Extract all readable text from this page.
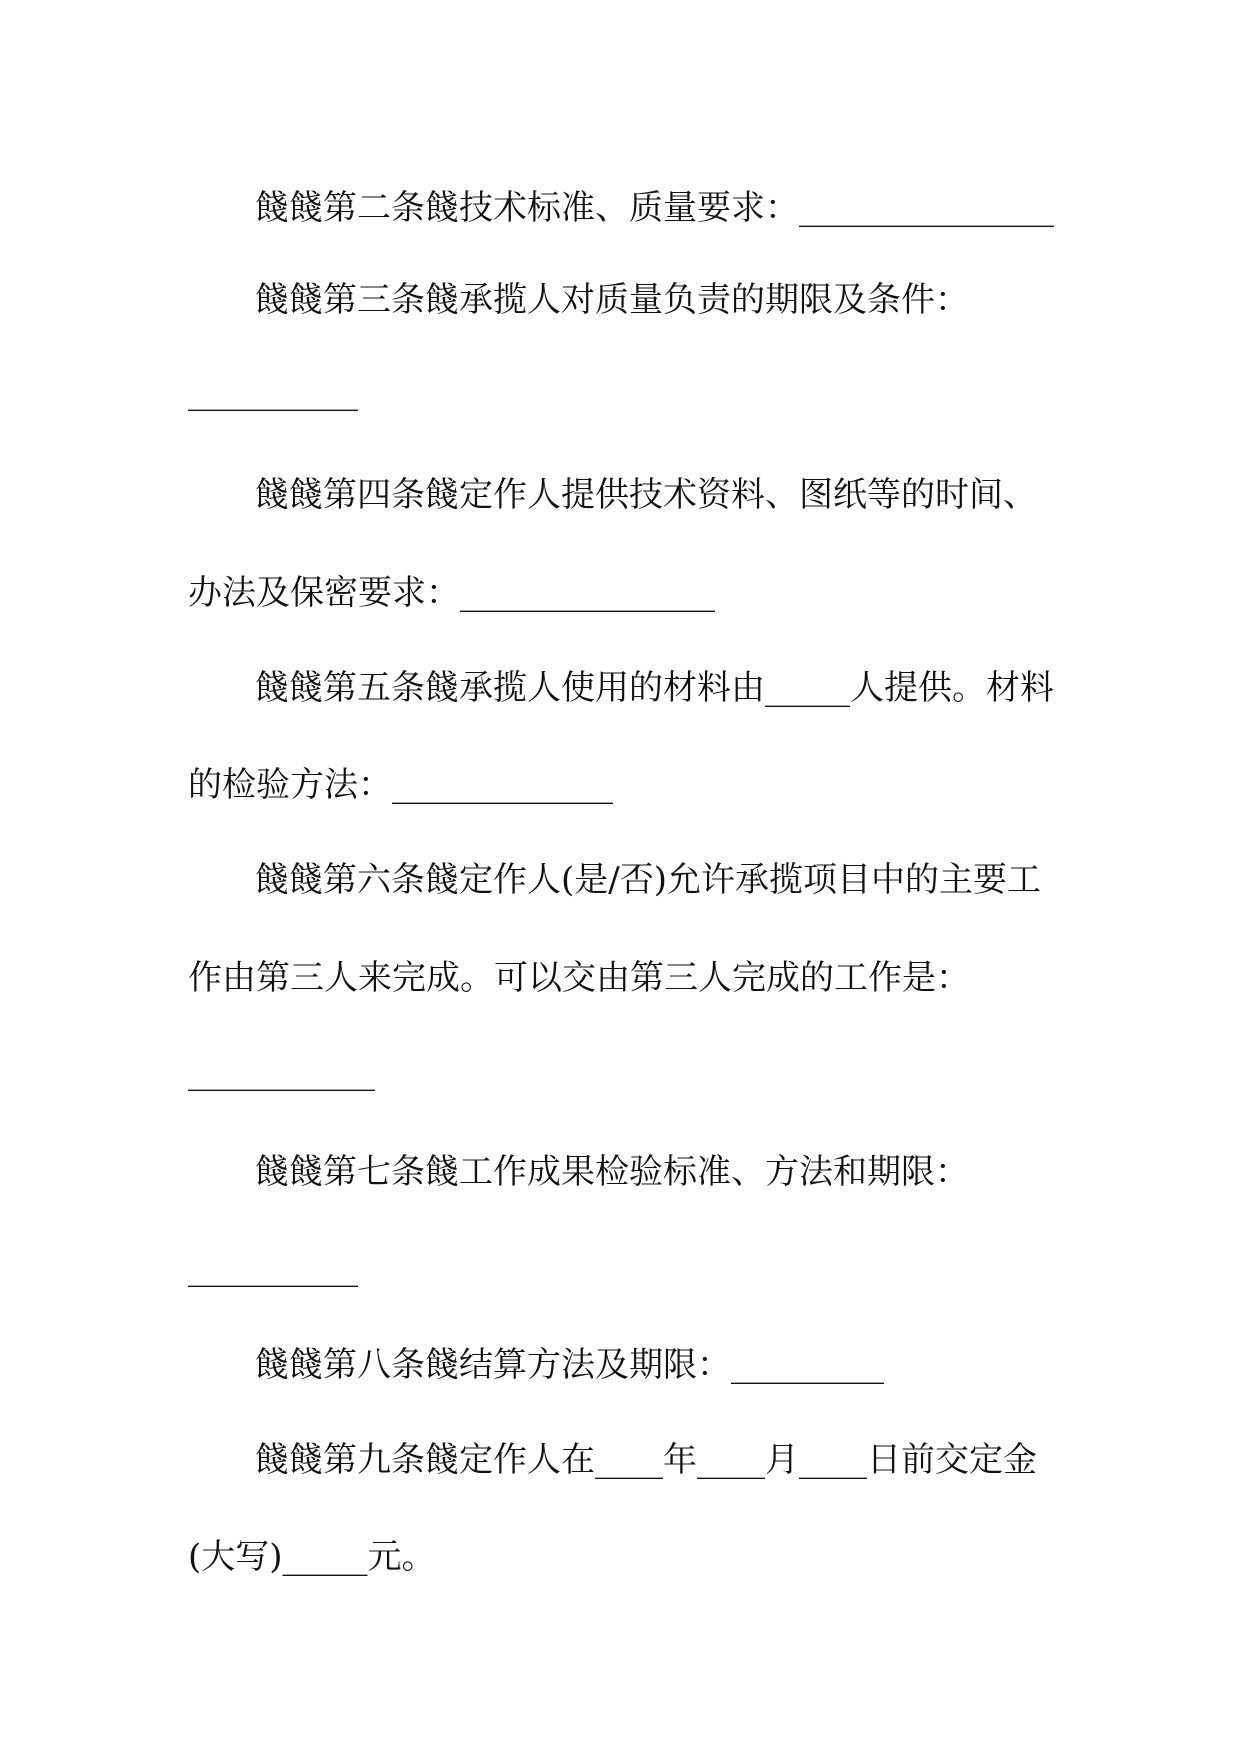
餞餞第二条餞技术标准、质量要求：_______________
餞餞第三条餞承揽人对质量负责的期限及条件：
__________
餞餞第四条餞定作人提供技术资料、图纸等的时间、
办法及保密要求：_______________
餞餞第五条餞承揽人使用的材料由_____人提供。材料
的检验方法：_____________
餞餞第六条餞定作人(是/否)允许承揽项目中的主要工
作由第三人来完成。可以交由第三人完成的工作是：
___________
餞餞第七条餞工作成果检验标准、方法和期限：
__________
餞餞第八条餞结算方法及期限：_________
餞餞第九条餞定作人在____年____月____日前交定金
(大写)_____元。
